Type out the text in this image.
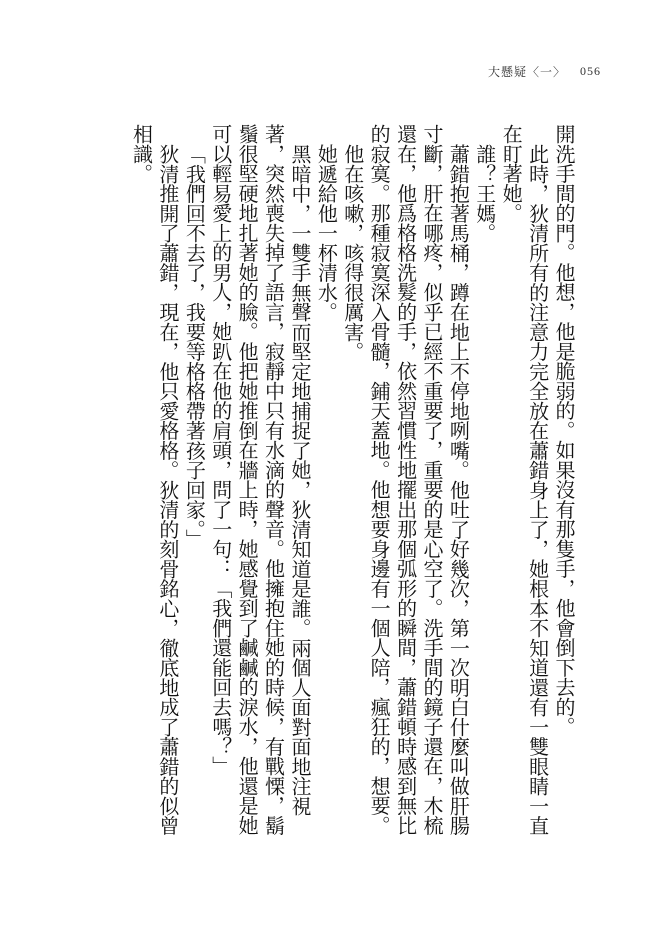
大懸疑〈一〉 056

開洗手間的門。他想，他是脆弱的。如果沒有那隻手，他會倒下去的。

此時，狄清所有的注意力完全放在蕭錯身上了，她根本不知道還有一雙眼睛一直在盯著她。

誰？王媽。

蕭錯抱著馬桶，蹲在地上不停地咧嘴。他吐了好幾次，第一次明白什麼叫做肝腸寸斷，肝在哪疼，似乎已經不重要了，重要的是心空了。洗手間的鏡子還在，木梳還在，他爲格格洗髮的手，依然習慣性地擺出那個弧形的瞬間，蕭錯頓時感到無比的寂寞。那種寂寞深入骨髓，鋪天蓋地。他想要身邊有一個人陪，瘋狂的，想要。

他在咳嗽，咳得很厲害。

她遞給他一杯清水。

黑暗中，一雙手無聲而堅定地捕捉了她，狄清知道是誰。兩個人面對面地注視著，突然喪失掉了語言，寂靜中只有水滴的聲音。他擁抱住她的時候，有戰慄，鬍鬚很堅硬地扎著她的臉。他把她推倒在牆上時，她感覺到了鹹鹹的淚水，他還是她可以輕易愛上的男人，她趴在他的肩頭，問了一句：「我們還能回去嗎？」

「我們回不去了，我要等格格帶著孩子回家。」

狄清推開了蕭錯，現在，他只愛格格。狄清的刻骨銘心，徹底地成了蕭錯的似曾相識。
